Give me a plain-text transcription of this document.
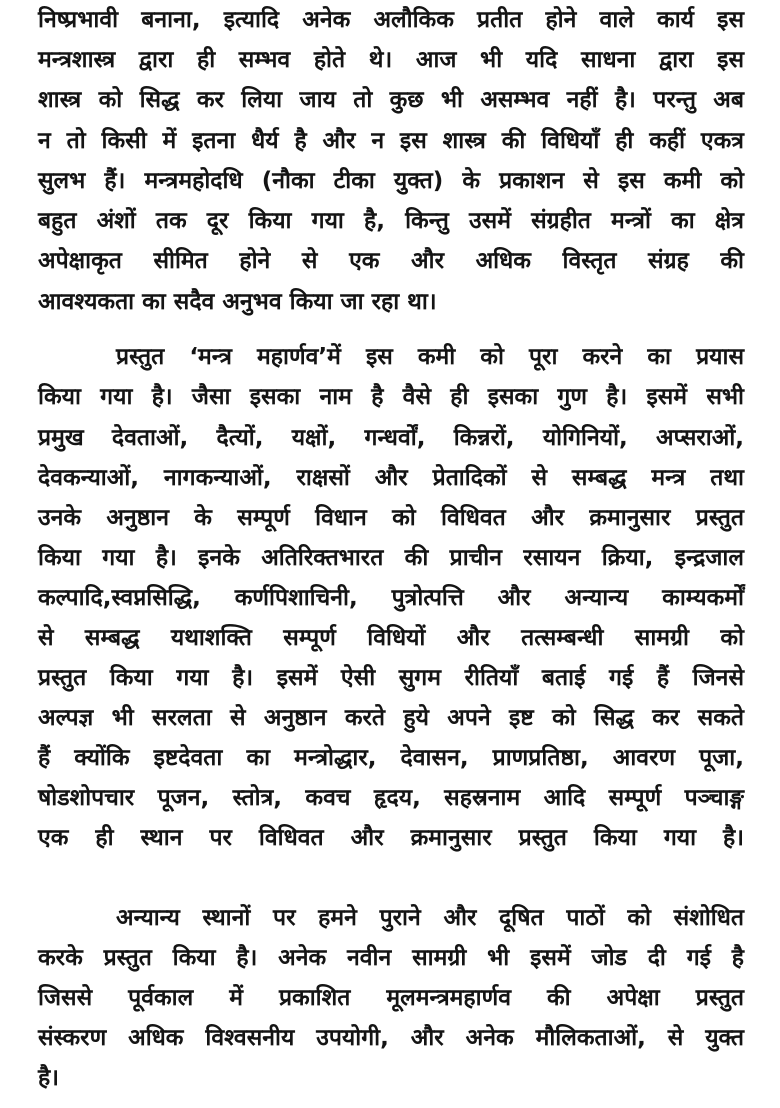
निष्प्रभावी बनाना, इत्यादि अनेक अलौकिक प्रतीत होने वाले कार्य इस
मन्त्रशास्त्र द्वारा ही सम्भव होते थे। आज भी यदि साधना द्वारा इस
शास्त्र को सिद्ध कर लिया जाय तो कुछ भी असम्भव नहीं है। परन्तु अब
न तो किसी में इतना धैर्य है और न इस शास्त्र की विधियाँ ही कहीं एकत्र
सुलभ हैं। मन्त्रमहोदधि (नौका टीका युक्त) के प्रकाशन से इस कमी को
बहुत अंशों तक दूर किया गया है, किन्तु उसमें संग्रहीत मन्त्रों का क्षेत्र
अपेक्षाकृत सीमित होने से एक और अधिक विस्तृत संग्रह की
आवश्यकता का सदैव अनुभव किया जा रहा था।
प्रस्तुत ‘मन्त्र महार्णव’में इस कमी को पूरा करने का प्रयास
किया गया है। जैसा इसका नाम है वैसे ही इसका गुण है। इसमें सभी
प्रमुख देवताओं, दैत्यों, यक्षों, गन्धर्वों, किन्नरों, योगिनियों, अप्सराओं,
देवकन्याओं, नागकन्याओं, राक्षसों और प्रेतादिकों से सम्बद्ध मन्त्र तथा
उनके अनुष्ठान के सम्पूर्ण विधान को विधिवत और क्रमानुसार प्रस्तुत
किया गया है। इनके अतिरिक्तभारत की प्राचीन रसायन क्रिया, इन्द्रजाल
कल्पादि,स्वप्नसिद्धि, कर्णपिशाचिनी, पुत्रोत्पत्ति और अन्यान्य काम्यकर्मों
से सम्बद्ध यथाशक्ति सम्पूर्ण विधियों और तत्सम्बन्धी सामग्री को
प्रस्तुत किया गया है। इसमें ऐसी सुगम रीतियाँ बताई गई हैं जिनसे
अल्पज्ञ भी सरलता से अनुष्ठान करते हुये अपने इष्ट को सिद्ध कर सकते
हैं क्योंकि इष्टदेवता का मन्त्रोद्धार, देवासन, प्राणप्रतिष्ठा, आवरण पूजा,
षोडशोपचार पूजन, स्तोत्र, कवच हृदय, सहस्रनाम आदि सम्पूर्ण पञ्चाङ्ग
एक ही स्थान पर विधिवत और क्रमानुसार प्रस्तुत किया गया है।
अन्यान्य स्थानों पर हमने पुराने और दूषित पाठों को संशोधित
करके प्रस्तुत किया है। अनेक नवीन सामग्री भी इसमें जोड दी गई है
जिससे पूर्वकाल में प्रकाशित मूलमन्त्रमहार्णव की अपेक्षा प्रस्तुत
संस्करण अधिक विश्वसनीय उपयोगी, और अनेक मौलिकताओं, से युक्त
है।
